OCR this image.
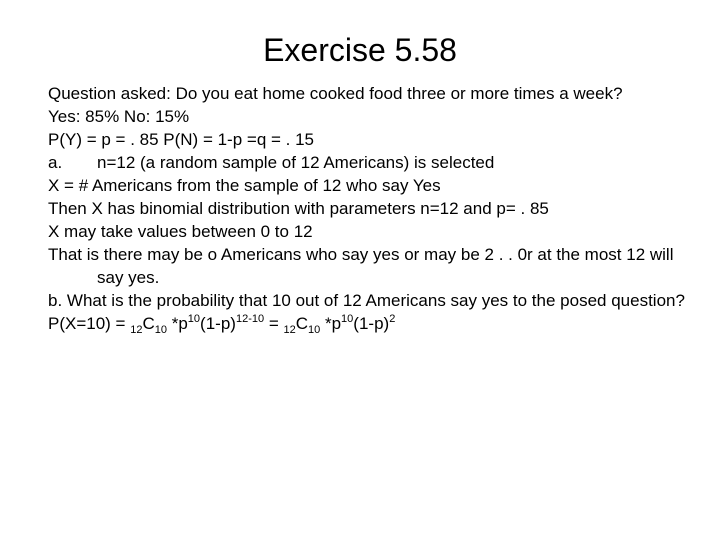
Exercise 5.58

Question asked: Do you eat home cooked food three or more times a week?

Yes: 85% No: 15%

P(Y) = p = . 85 P(N) = 1-p =q = . 15

a. n=12 (a random sample of 12 Americans) is selected

X = # Americans from the sample of 12 who say Yes

Then X has binomial distribution with parameters n=12 and p= . 85

X may take values between 0 to 12

That is there may be o Americans who say yes or may be 2 . . 0r at the most 12 will say yes.

b. What is the probability that 10 out of 12 Americans say yes to the posed question?

$P(X=10) = _{12}C_{10}$ $*p^{10}(1-p)^{12-10} = _{12}C_{10}$ $*p^{10}(1-p)^2$
